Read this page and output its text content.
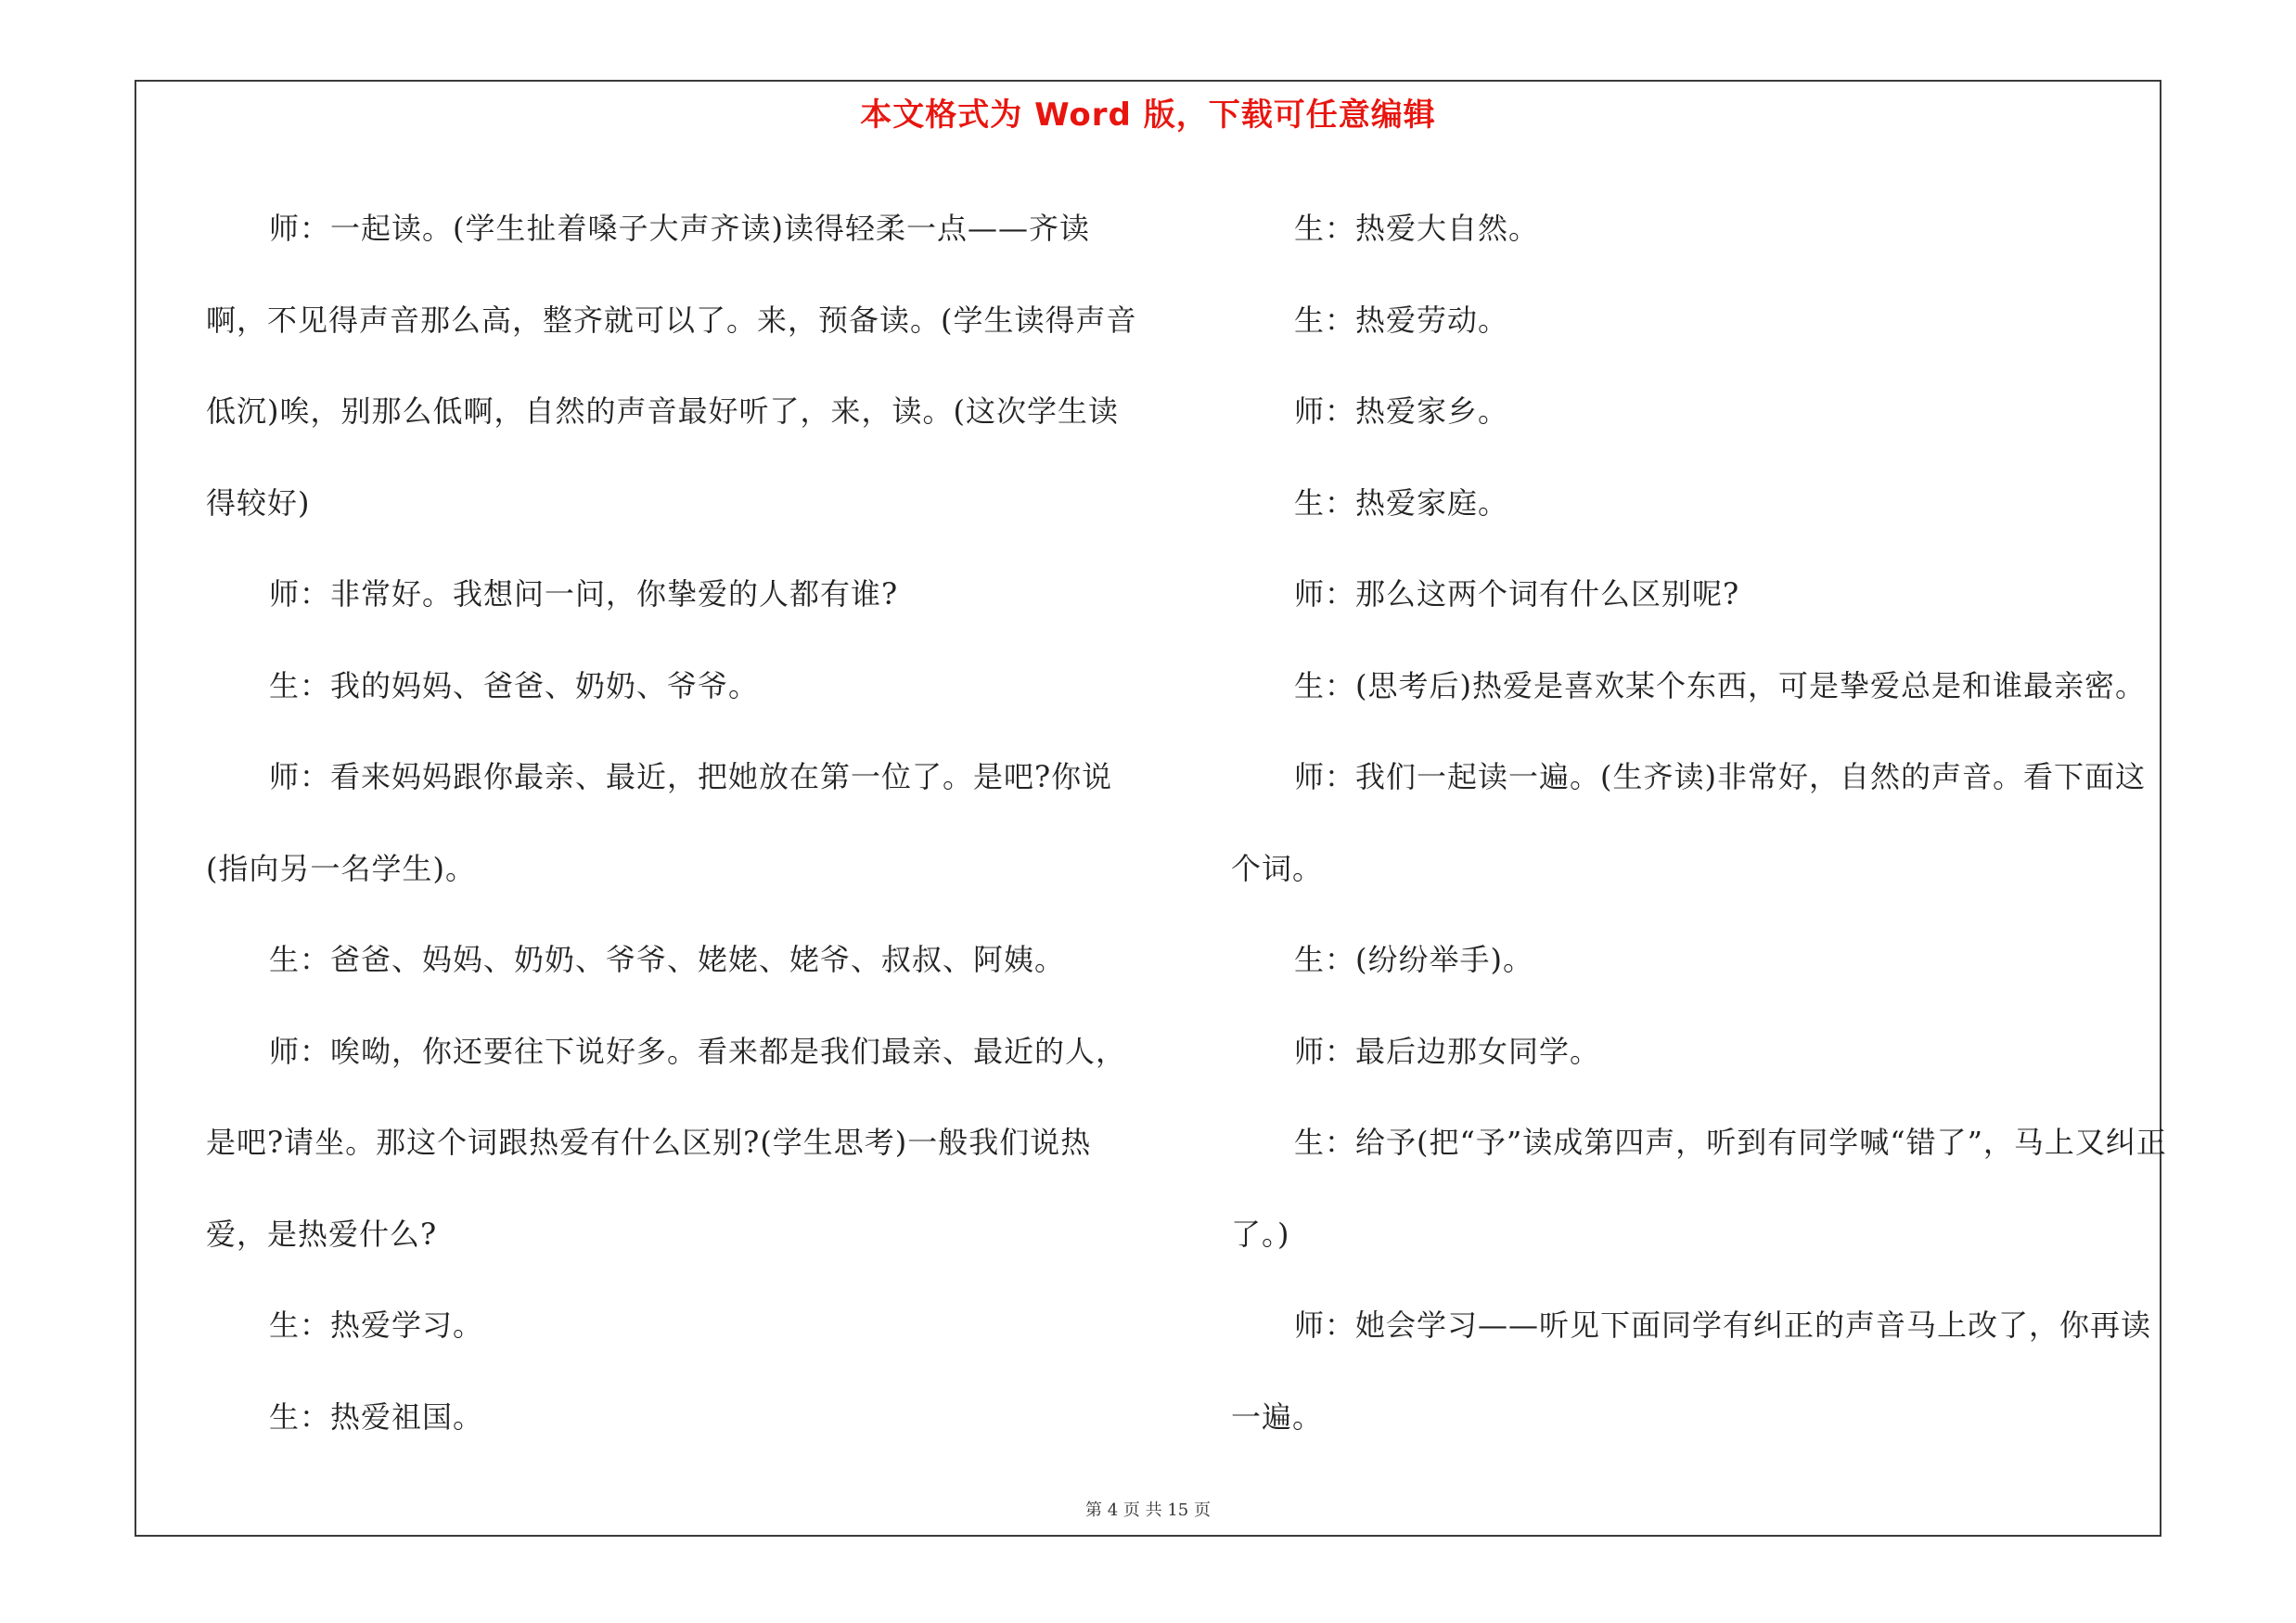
本文格式为 Word 版，下载可任意编辑

师：一起读。(学生扯着嗓子大声齐读)读得轻柔一点——齐读啊，不见得声音那么高，整齐就可以了。来，预备读。(学生读得声音低沉)唉，别那么低啊，自然的声音最好听了，来，读。(这次学生读得较好)

师：非常好。我想问一问，你挚爱的人都有谁?

生：我的妈妈、爸爸、奶奶、爷爷。

师：看来妈妈跟你最亲、最近，把她放在第一位了。是吧?你说(指向另一名学生)。

生：爸爸、妈妈、奶奶、爷爷、姥姥、姥爷、叔叔、阿姨。

师：唉呦，你还要往下说好多。看来都是我们最亲、最近的人，是吧?请坐。那这个词跟热爱有什么区别?(学生思考)一般我们说热爱，是热爱什么?

生：热爱学习。

生：热爱祖国。

生：热爱大自然。

生：热爱劳动。

师：热爱家乡。

生：热爱家庭。

师：那么这两个词有什么区别呢?

生：(思考后)热爱是喜欢某个东西，可是挚爱总是和谁最亲密。

师：我们一起读一遍。(生齐读)非常好，自然的声音。看下面这个词。

生：(纷纷举手)。

师：最后边那女同学。

生：给予(把“予”读成第四声，听到有同学喊“错了”，马上又纠正了。)

师：她会学习——听见下面同学有纠正的声音马上改了，你再读一遍。

第 4 页 共 15 页
